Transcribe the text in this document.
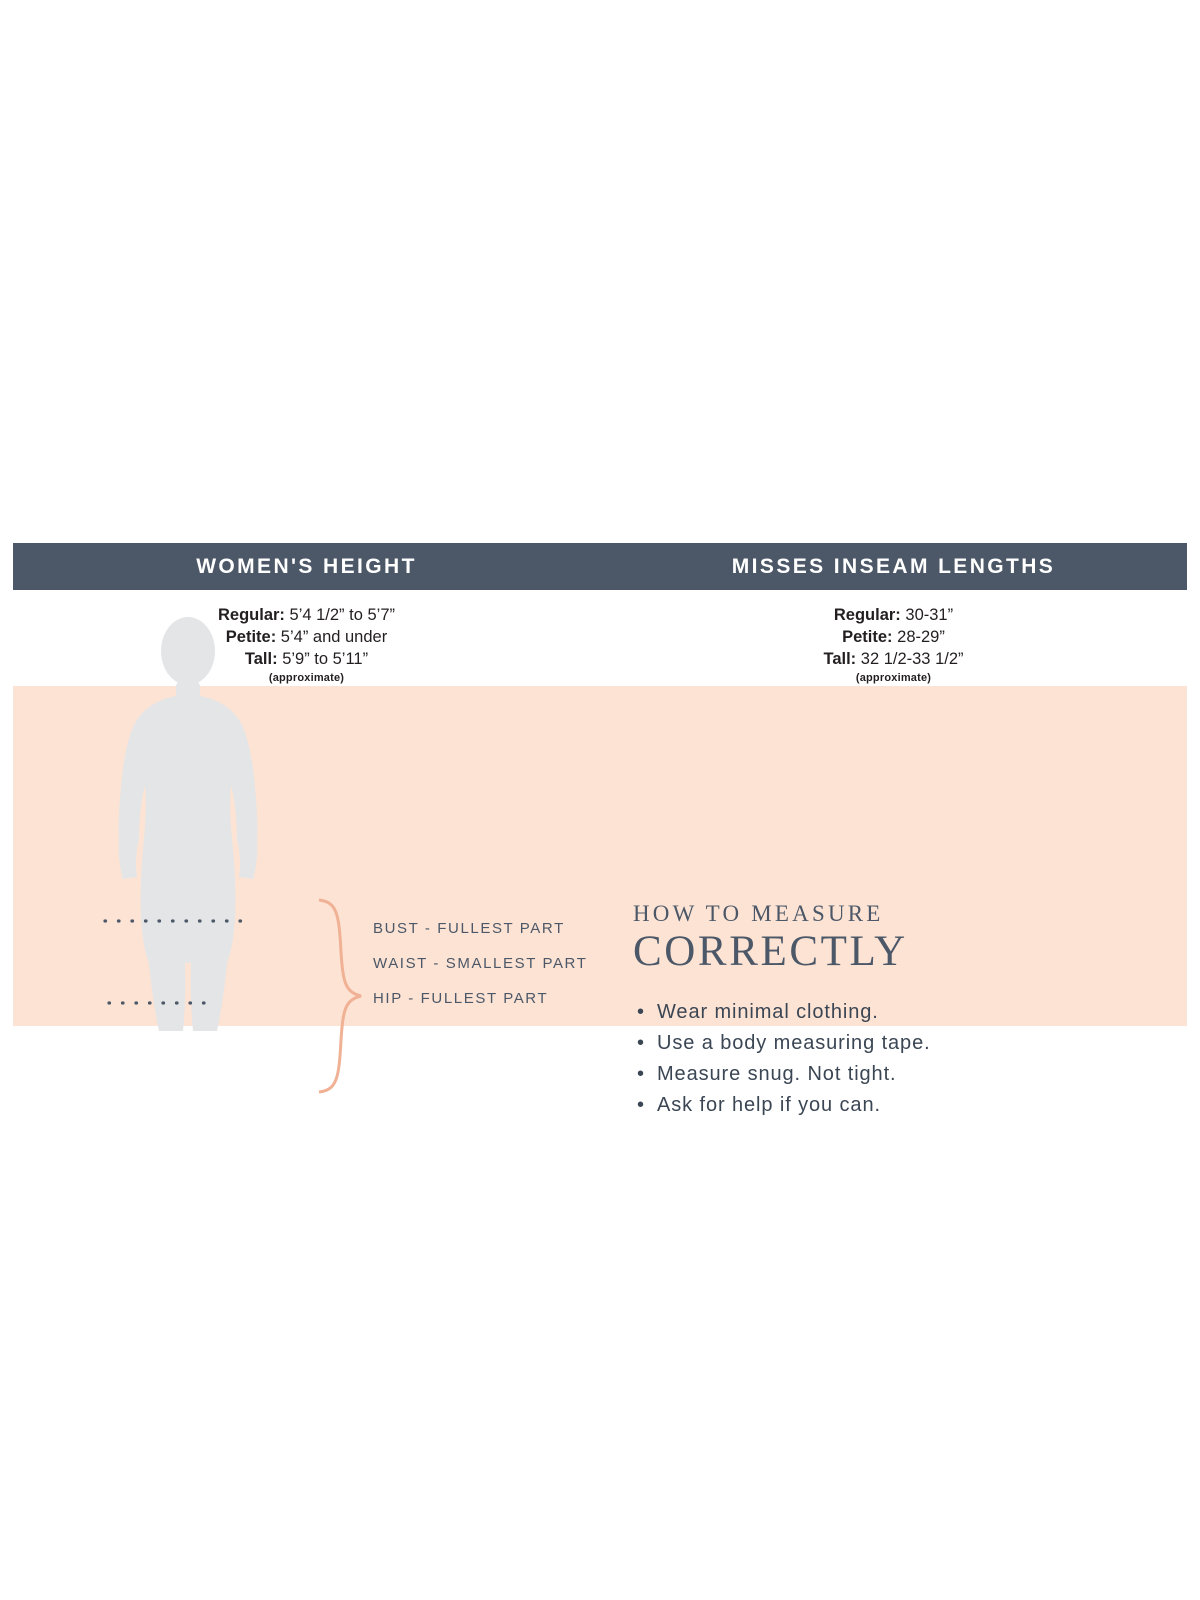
WOMEN'S HEIGHT	MISSES INSEAM LENGTHS
Regular: 5’4 1/2” to 5’7”
Petite: 5’4” and under
Tall: 5’9” to 5’11”
(approximate)
Regular: 30-31”
Petite: 28-29”
Tall: 32 1/2-33 1/2”
(approximate)
BUST - FULLEST PART
WAIST - SMALLEST PART
HIP - FULLEST PART
HOW TO MEASURE
CORRECTLY
• Wear minimal clothing.
• Use a body measuring tape.
• Measure snug. Not tight.
• Ask for help if you can.
